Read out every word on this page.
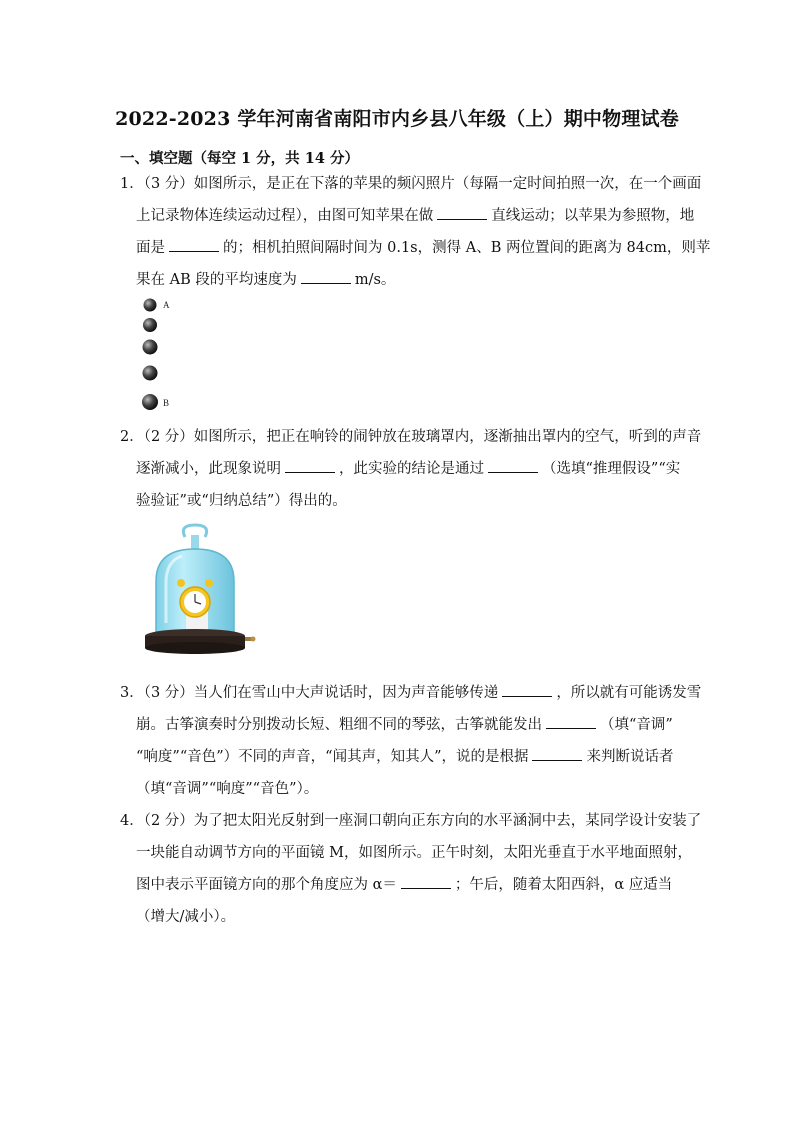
2022-2023 学年河南省南阳市内乡县八年级（上）期中物理试卷
一、填空题（每空 1 分，共 14 分）
1．（3 分）如图所示，是正在下落的苹果的频闪照片（每隔一定时间拍照一次，在一个画面
上记录物体连续运动过程），由图可知苹果在做	直线运动；以苹果为参照物，地
面是	的；相机拍照间隔时间为 0.1s，测得 A、B 两位置间的距离为 84cm，则苹
果在 AB 段的平均速度为	m/s。
A
B
2．（2 分）如图所示，把正在响铃的闹钟放在玻璃罩内，逐渐抽出罩内的空气，听到的声音
逐渐减小，此现象说明	，此实验的结论是通过	（选填“推理假设”“实
验验证”或“归纳总结”）得出的。
3．（3 分）当人们在雪山中大声说话时，因为声音能够传递	，所以就有可能诱发雪
崩。古筝演奏时分别拨动长短、粗细不同的琴弦，古筝就能发出	（填“音调”
“响度”“音色”）不同的声音，“闻其声，知其人”，说的是根据	来判断说话者
（填“音调”“响度”“音色”）。
4．（2 分）为了把太阳光反射到一座洞口朝向正东方向的水平涵洞中去，某同学设计安装了
一块能自动调节方向的平面镜 M，如图所示。正午时刻，太阳光垂直于水平地面照射，
图中表示平面镜方向的那个角度应为 α＝	；午后，随着太阳西斜，α 应适当
（增大/减小）。
